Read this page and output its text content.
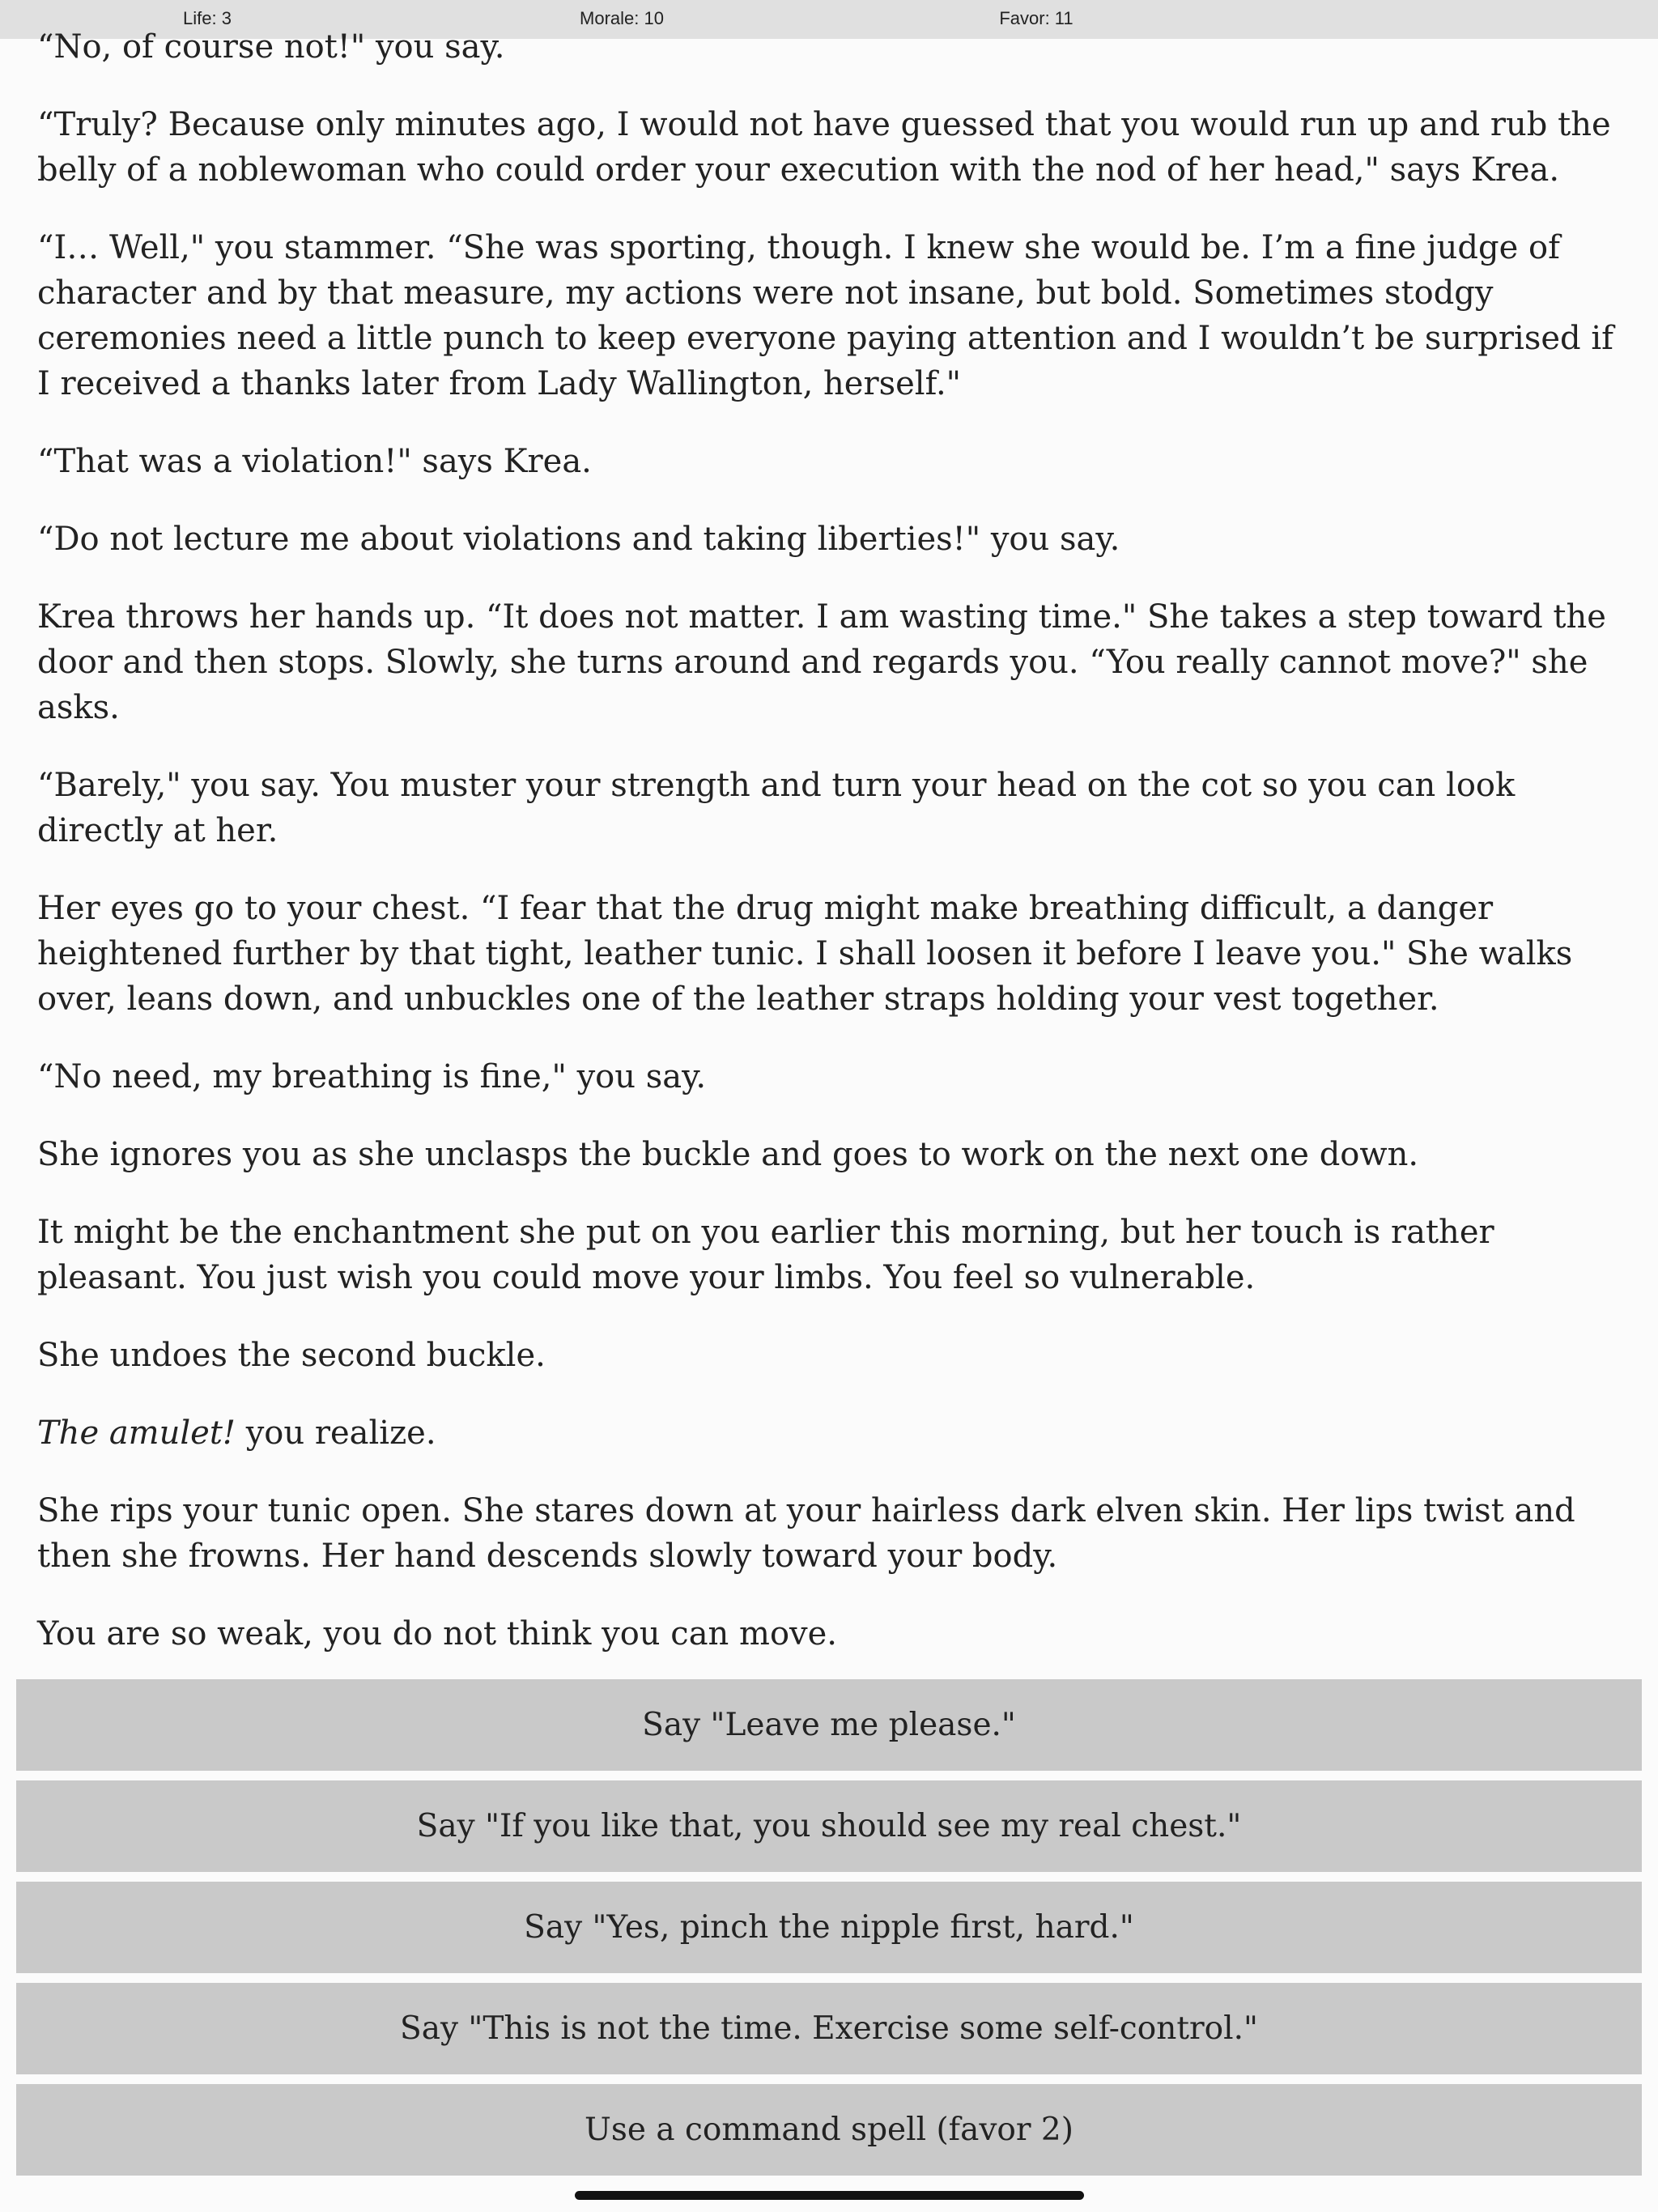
Life: 3	Morale: 10	Favor: 11

“No, of course not!" you say.

“Truly? Because only minutes ago, I would not have guessed that you would run up and rub the belly of a noblewoman who could order your execution with the nod of her head," says Krea.

“I… Well," you stammer. “She was sporting, though. I knew she would be. I’m a fine judge of character and by that measure, my actions were not insane, but bold. Sometimes stodgy ceremonies need a little punch to keep everyone paying attention and I wouldn’t be surprised if I received a thanks later from Lady Wallington, herself."

“That was a violation!" says Krea.

“Do not lecture me about violations and taking liberties!" you say.

Krea throws her hands up. “It does not matter. I am wasting time." She takes a step toward the door and then stops. Slowly, she turns around and regards you. “You really cannot move?" she asks.

“Barely," you say. You muster your strength and turn your head on the cot so you can look directly at her.

Her eyes go to your chest. “I fear that the drug might make breathing difficult, a danger heightened further by that tight, leather tunic. I shall loosen it before I leave you." She walks over, leans down, and unbuckles one of the leather straps holding your vest together.

“No need, my breathing is fine," you say.

She ignores you as she unclasps the buckle and goes to work on the next one down.

It might be the enchantment she put on you earlier this morning, but her touch is rather pleasant. You just wish you could move your limbs. You feel so vulnerable.

She undoes the second buckle.

The amulet! you realize.

She rips your tunic open. She stares down at your hairless dark elven skin. Her lips twist and then she frowns. Her hand descends slowly toward your body.

You are so weak, you do not think you can move.

Say "Leave me please."
Say "If you like that, you should see my real chest."
Say "Yes, pinch the nipple first, hard."
Say "This is not the time. Exercise some self-control."
Use a command spell (favor 2)
